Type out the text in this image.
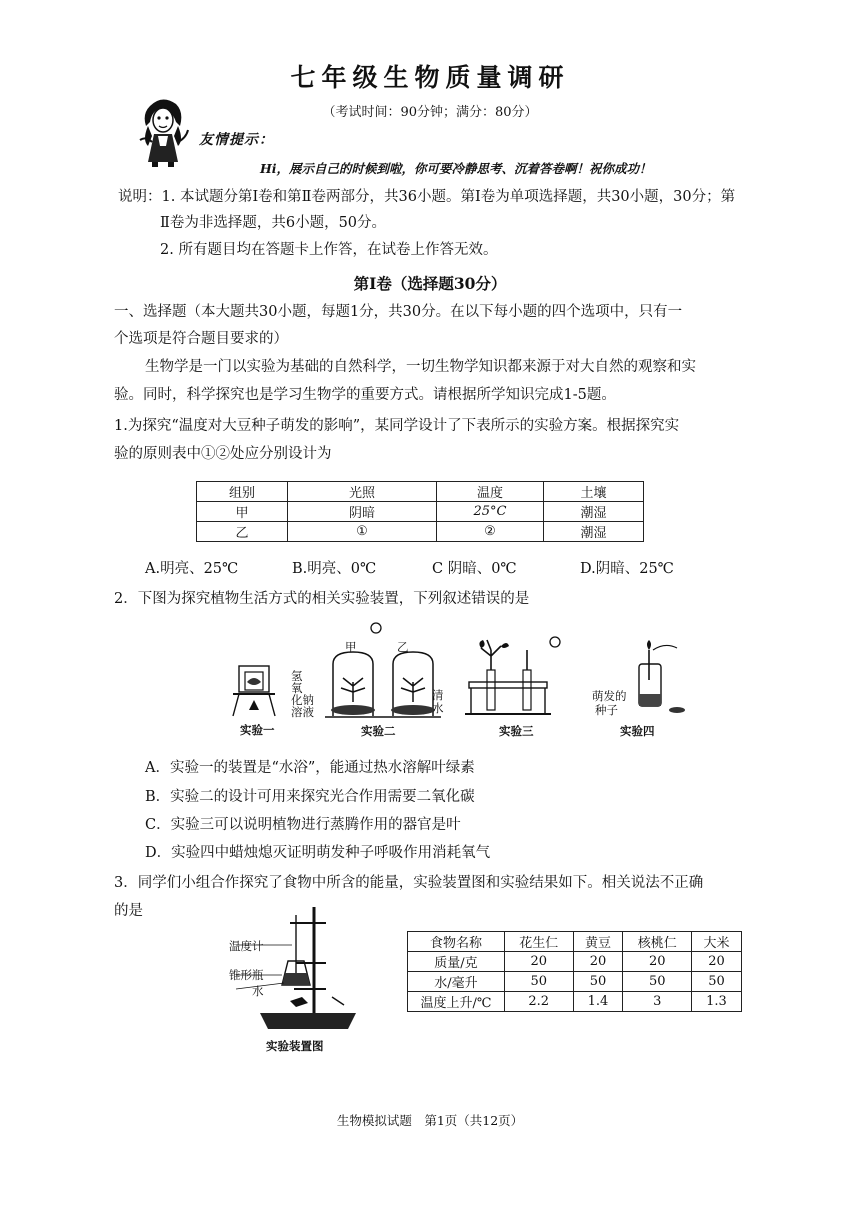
七年级生物质量调研
（考试时间：90分钟；满分：80分）
友情提示：
Hi，展示自己的时候到啦，你可要冷静思考、沉着答卷啊！祝你成功！
说明：1. 本试题分第Ⅰ卷和第Ⅱ卷两部分，共36小题。第Ⅰ卷为单项选择题，共30小题，30分；第
Ⅱ卷为非选择题，共6小题，50分。
2. 所有题目均在答题卡上作答，在试卷上作答无效。
第Ⅰ卷（选择题30分）
一、选择题（本大题共30小题，每题1分，共30分。在以下每小题的四个选项中，只有一
个选项是符合题目要求的）
生物学是一门以实验为基础的自然科学，一切生物学知识都来源于对大自然的观察和实
验。同时，科学探究也是学习生物学的重要方式。请根据所学知识完成1-5题。
1.为探究“温度对大豆种子萌发的影响”，某同学设计了下表所示的实验方案。根据探究实
验的原则表中①②处应分别设计为
组别	光照	温度	土壤
甲	阴暗	25°C	潮湿
乙	①	②	潮湿
A.明亮、25℃	B.明亮、0℃	C 阴暗、0℃	D.阴暗、25℃
2．下图为探究植物生活方式的相关实验装置，下列叙述错误的是
甲	乙
氢
氧
化钠
溶液
清
水
萌发的
种子
实验一	实验二	实验三	实验四
A．实验一的装置是“水浴”，能通过热水溶解叶绿素
B．实验二的设计可用来探究光合作用需要二氧化碳
C．实验三可以说明植物进行蒸腾作用的器官是叶
D．实验四中蜡烛熄灭证明萌发种子呼吸作用消耗氧气
3．同学们小组合作探究了食物中所含的能量，实验装置图和实验结果如下。相关说法不正确
的是
温度计
锥形瓶
水
实验装置图
食物名称	花生仁	黄豆	核桃仁	大米
质量/克	20	20	20	20
水/毫升	50	50	50	50
温度上升/℃	2.2	1.4	3	1.3
生物模拟试题　第1页（共12页）
